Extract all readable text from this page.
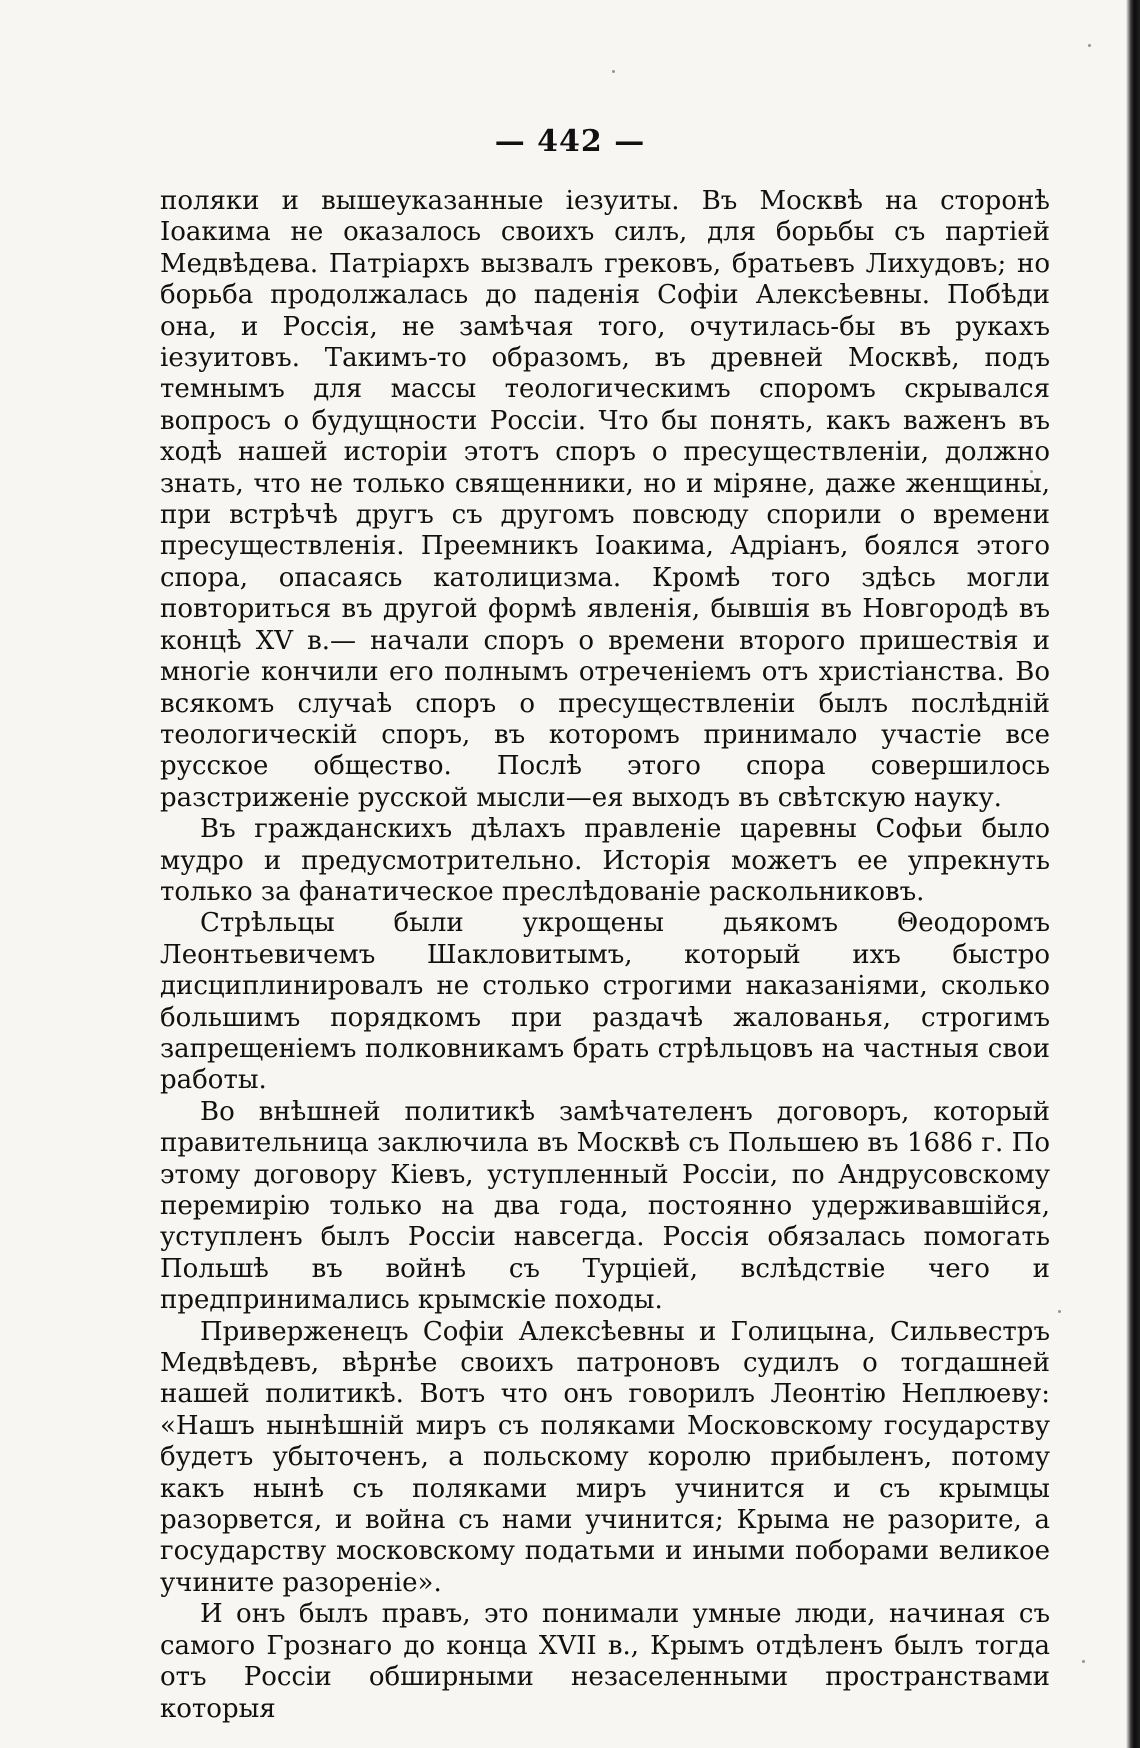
— 442 —

поляки и вышеуказанные iезуиты. Въ Москвѣ на сторонѣ Iоакима не оказалось своихъ силъ, для борьбы съ партiей Медвѣдева. Патрiархъ вызвалъ грековъ, братьевъ Лихудовъ; но борьба продолжалась до паденiя Софiи Алексѣевны. Побѣди она, и Россiя, не замѣчая того, очутилась-бы въ рукахъ iезуитовъ. Такимъ-то образомъ, въ древней Москвѣ, подъ темнымъ для массы теологическимъ споромъ скрывался вопросъ о будущности Россiи. Что бы понять, какъ важенъ въ ходѣ нашей исторiи этотъ споръ о пресуществленiи, должно знать, что не только священники, но и мiряне, даже женщины, при встрѣчѣ другъ съ другомъ повсюду спорили о времени пресуществленiя. Преемникъ Iоакима, Адрiанъ, боялся этого спора, опасаясь католицизма. Кромѣ того здѣсь могли повториться въ другой формѣ явленiя, бывшiя въ Новгородѣ въ концѣ XV в.— начали споръ о времени второго пришествiя и многiе кончили его полнымъ отреченiемъ отъ христiанства. Во всякомъ случаѣ споръ о пресуществленiи былъ послѣднiй теологическiй споръ, въ которомъ принимало участiе все русское общество. Послѣ этого спора совершилось разстриженiе русской мысли—ея выходъ въ свѣтскую науку.

Въ гражданскихъ дѣлахъ правленiе царевны Софьи было мудро и предусмотрительно. Исторiя можетъ ее упрекнуть только за фанатическое преслѣдованiе раскольниковъ.

Стрѣльцы были укрощены дьякомъ Θеодоромъ Леонтьевичемъ Шакловитымъ, который ихъ быстро дисциплинировалъ не столько строгими наказанiями, сколько большимъ порядкомъ при раздачѣ жалованья, строгимъ запрещенiемъ полковникамъ брать стрѣльцовъ на частныя свои работы.

Во внѣшней политикѣ замѣчателенъ договоръ, который правительница заключила въ Москвѣ съ Польшею въ 1686 г. По этому договору Кiевъ, уступленный Россiи, по Андрусовскому перемирiю только на два года, постоянно удерживавшiйся, уступленъ былъ Россiи навсегда. Россiя обязалась помогать Польшѣ въ войнѣ съ Турцiей, вслѣдствiе чего и предпринимались крымскiе походы.

Приверженецъ Софiи Алексѣевны и Голицына, Сильвестръ Медвѣдевъ, вѣрнѣе своихъ патроновъ судилъ о тогдашней нашей политикѣ. Вотъ что онъ говорилъ Леонтiю Неплюеву: «Нашъ нынѣшнiй миръ съ поляками Московскому государству будетъ убыточенъ, а польскому королю прибыленъ, потому какъ нынѣ съ поляками миръ учинится и съ крымцы разорвется, и война съ нами учинится; Крыма не разорите, а государству московскому податьми и иными поборами великое учините разоренiе».

И онъ былъ правъ, это понимали умные люди, начиная съ самого Грознаго до конца XVII в., Крымъ отдѣленъ былъ тогда отъ Россiи обширными незаселенными пространствами которыя
